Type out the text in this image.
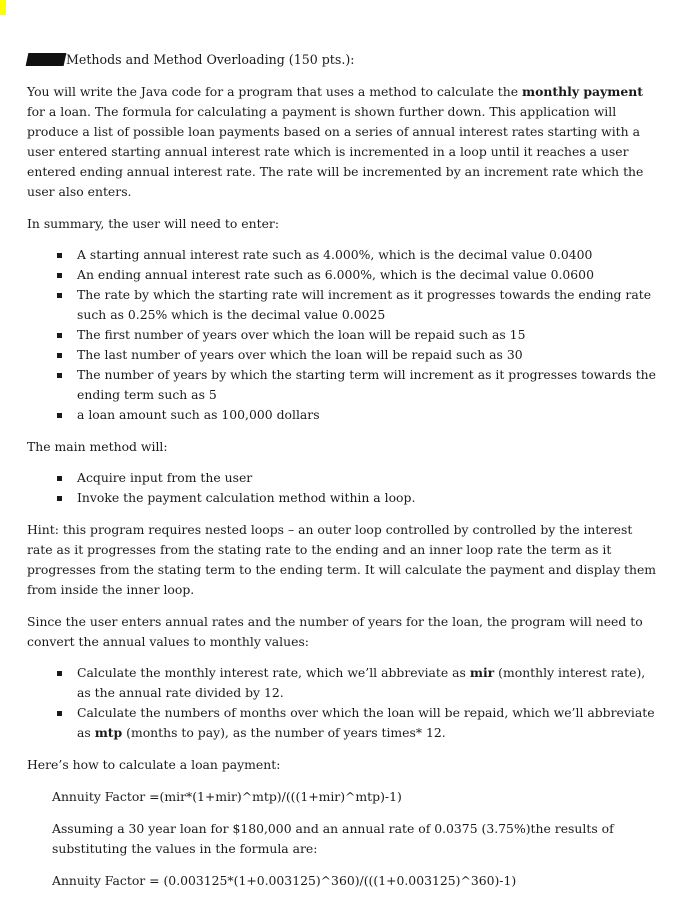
Methods and Method Overloading (150 pts.):

You will write the Java code for a program that uses a method to calculate the monthly payment for a loan. The formula for calculating a payment is shown further down. This application will produce a list of possible loan payments based on a series of annual interest rates starting with a user entered starting annual interest rate which is incremented in a loop until it reaches a user entered ending annual interest rate. The rate will be incremented by an increment rate which the user also enters.

In summary, the user will need to enter:

A starting annual interest rate such as 4.000%, which is the decimal value 0.0400
An ending annual interest rate such as 6.000%, which is the decimal value 0.0600
The rate by which the starting rate will increment as it progresses towards the ending rate such as 0.25% which is the decimal value 0.0025
The first number of years over which the loan will be repaid such as 15
The last number of years over which the loan will be repaid such as 30
The number of years by which the starting term will increment as it progresses towards the ending term such as 5
a loan amount such as 100,000 dollars

The main method will:

Acquire input from the user
Invoke the payment calculation method within a loop.

Hint: this program requires nested loops – an outer loop controlled by controlled by the interest rate as it progresses from the stating rate to the ending and an inner loop rate the term as it progresses from the stating term to the ending term. It will calculate the payment and display them from inside the inner loop.

Since the user enters annual rates and the number of years for the loan, the program will need to convert the annual values to monthly values:

Calculate the monthly interest rate, which we’ll abbreviate as mir (monthly interest rate), as the annual rate divided by 12.
Calculate the numbers of months over which the loan will be repaid, which we’ll abbreviate as mtp (months to pay), as the number of years times* 12.

Here’s how to calculate a loan payment:

Annuity Factor =(mir*(1+mir)^mtp)/(((1+mir)^mtp)-1)

Assuming a 30 year loan for $180,000 and an annual rate of 0.0375 (3.75%)the results of substituting the values in the formula are:

Annuity Factor = (0.003125*(1+0.003125)^360)/(((1+0.003125)^360)-1)
